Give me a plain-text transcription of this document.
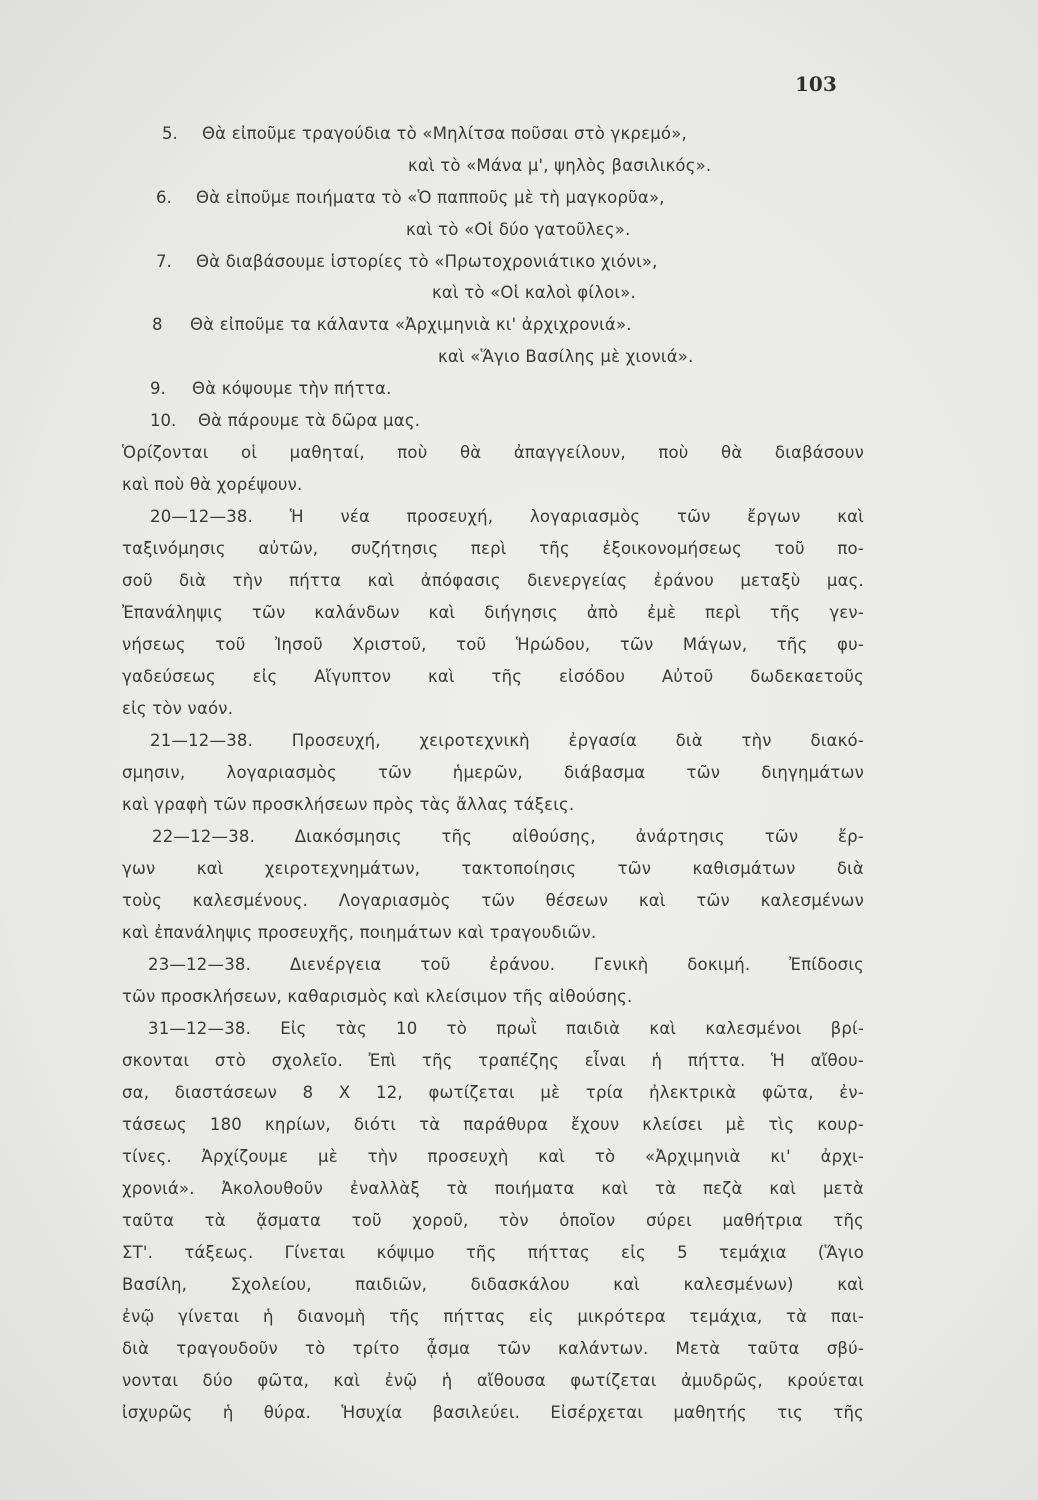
103
5. Θὰ εἰποῦμε τραγούδια τὸ «Μηλίτσα ποῦσαι στὸ γκρεμό»,
καὶ τὸ «Μάνα μ', ψηλὸς βασιλικός».
6. Θὰ εἰποῦμε ποιήματα τὸ «Ὁ παπποῦς μὲ τὴ μαγκορῦα»,
καὶ τὸ «Οἱ δύο γατοῦλες».
7. Θὰ διαβάσουμε ἱστορίες τὸ «Πρωτοχρονιάτικο χιόνι»,
καὶ τὸ «Οἱ καλοὶ φίλοι».
8 Θὰ εἰποῦμε τα κάλαντα «Ἀρχιμηνιὰ κι' ἀρχιχρονιά».
καὶ «Ἅγιο Βασίλης μὲ χιονιά».
9. Θὰ κόψουμε τὴν πήττα.
10. Θὰ πάρουμε τὰ δῶρα μας.
Ὁρίζονται οἱ μαθηταί, ποὺ θὰ ἀπαγγείλουν, ποὺ θὰ διαβάσουν
καὶ ποὺ θὰ χορέψουν.
20—12—38. Ἡ νέα προσευχή, λογαριασμὸς τῶν ἔργων καὶ
ταξινόμησις αὐτῶν, συζήτησις περὶ τῆς ἐξοικονομήσεως τοῦ πο-
σοῦ διὰ τὴν πήττα καὶ ἀπόφασις διενεργείας ἐράνου μεταξὺ μας.
Ἐπανάληψις τῶν καλάνδων καὶ διήγησις ἀπὸ ἐμὲ περὶ τῆς γεν-
νήσεως τοῦ Ἰησοῦ Χριστοῦ, τοῦ Ἡρώδου, τῶν Μάγων, τῆς φυ-
γαδεύσεως εἰς Αἴγυπτον καὶ τῆς εἰσόδου Αὐτοῦ δωδεκαετοῦς
εἰς τὸν ναόν.
21—12—38. Προσευχή, χειροτεχνικὴ ἐργασία διὰ τὴν διακό-
σμησιν, λογαριασμὸς τῶν ἡμερῶν, διάβασμα τῶν διηγημάτων
καὶ γραφὴ τῶν προσκλήσεων πρὸς τὰς ἄλλας τάξεις.
22—12—38. Διακόσμησις τῆς αἰθούσης, ἀνάρτησις τῶν ἔρ-
γων καὶ χειροτεχνημάτων, τακτοποίησις τῶν καθισμάτων διὰ
τοὺς καλεσμένους. Λογαριασμὸς τῶν θέσεων καὶ τῶν καλεσμένων
καὶ ἐπανάληψις προσευχῆς, ποιημάτων καὶ τραγουδιῶν.
23—12—38. Διενέργεια τοῦ ἐράνου. Γενικὴ δοκιμή. Ἐπίδοσις
τῶν προσκλήσεων, καθαρισμὸς καὶ κλείσιμον τῆς αἰθούσης.
31—12—38. Εἰς τὰς 10 τὸ πρωῒ παιδιὰ καὶ καλεσμένοι βρί-
σκονται στὸ σχολεῖο. Ἐπὶ τῆς τραπέζης εἶναι ἡ πήττα. Ἡ αἴθου-
σα, διαστάσεων 8 Χ 12, φωτίζεται μὲ τρία ἠλεκτρικὰ φῶτα, ἐν-
τάσεως 180 κηρίων, διότι τὰ παράθυρα ἔχουν κλείσει μὲ τὶς κουρ-
τίνες. Ἀρχίζουμε μὲ τὴν προσευχὴ καὶ τὸ «Ἀρχιμηνιὰ κι' ἀρχι-
χρονιά». Ἀκολουθοῦν ἐναλλὰξ τὰ ποιήματα καὶ τὰ πεζὰ καὶ μετὰ
ταῦτα τὰ ᾄσματα τοῦ χοροῦ, τὸν ὁποῖον σύρει μαθήτρια τῆς
ΣΤ'. τάξεως. Γίνεται κόψιμο τῆς πήττας εἰς 5 τεμάχια (Ἅγιο
Βασίλη, Σχολείου, παιδιῶν, διδασκάλου καὶ καλεσμένων) καὶ
ἐνῷ γίνεται ἡ διανομὴ τῆς πήττας εἰς μικρότερα τεμάχια, τὰ παι-
διὰ τραγουδοῦν τὸ τρίτο ᾆσμα τῶν καλάντων. Μετὰ ταῦτα σβύ-
νονται δύο φῶτα, καὶ ἐνῷ ἡ αἴθουσα φωτίζεται ἀμυδρῶς, κρούεται
ἰσχυρῶς ἡ θύρα. Ἡσυχία βασιλεύει. Εἰσέρχεται μαθητής τις τῆς
